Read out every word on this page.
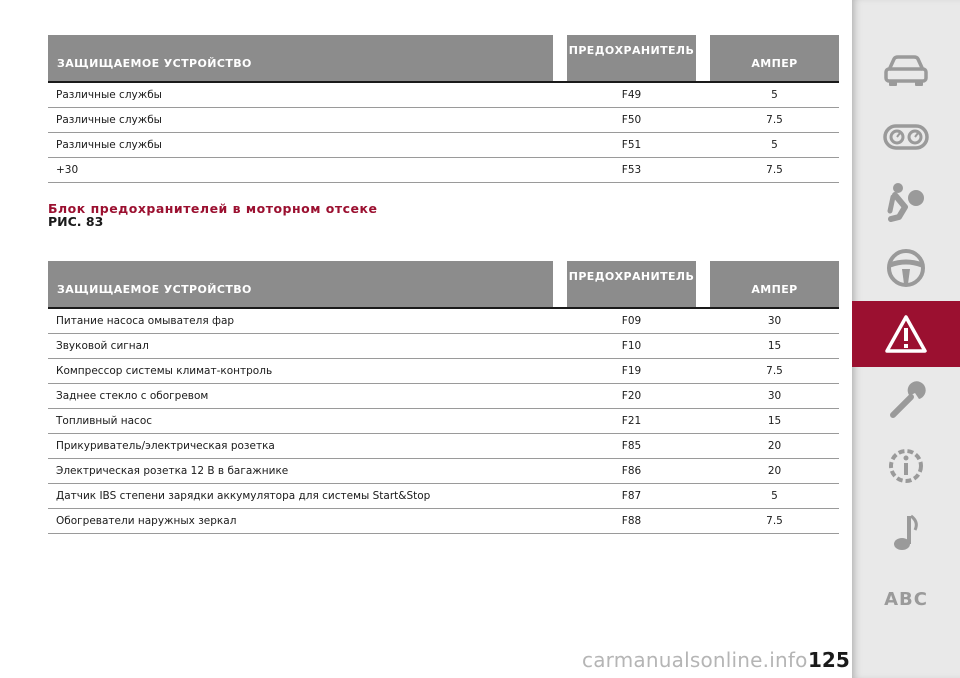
ЗАЩИЩАЕМОЕ УСТРОЙСТВО
ПРЕДОХРАНИТЕЛЬ
АМПЕР
Различные службы	F49	5
Различные службы	F50	7.5
Различные службы	F51	5
+30	F53	7.5
Блок предохранителей в моторном отсеке
РИС. 83
ЗАЩИЩАЕМОЕ УСТРОЙСТВО
ПРЕДОХРАНИТЕЛЬ
АМПЕР
Питание насоса омывателя фар	F09	30
Звуковой сигнал	F10	15
Компрессор системы климат-контроль	F19	7.5
Заднее стекло с обогревом	F20	30
Топливный насос	F21	15
Прикуриватель/электрическая розетка	F85	20
Электрическая розетка 12 В в багажнике	F86	20
Датчик IBS степени зарядки аккумулятора для системы Start&Stop	F87	5
Обогреватели наружных зеркал	F88	7.5
ABC
carmanualsonline.info 125
